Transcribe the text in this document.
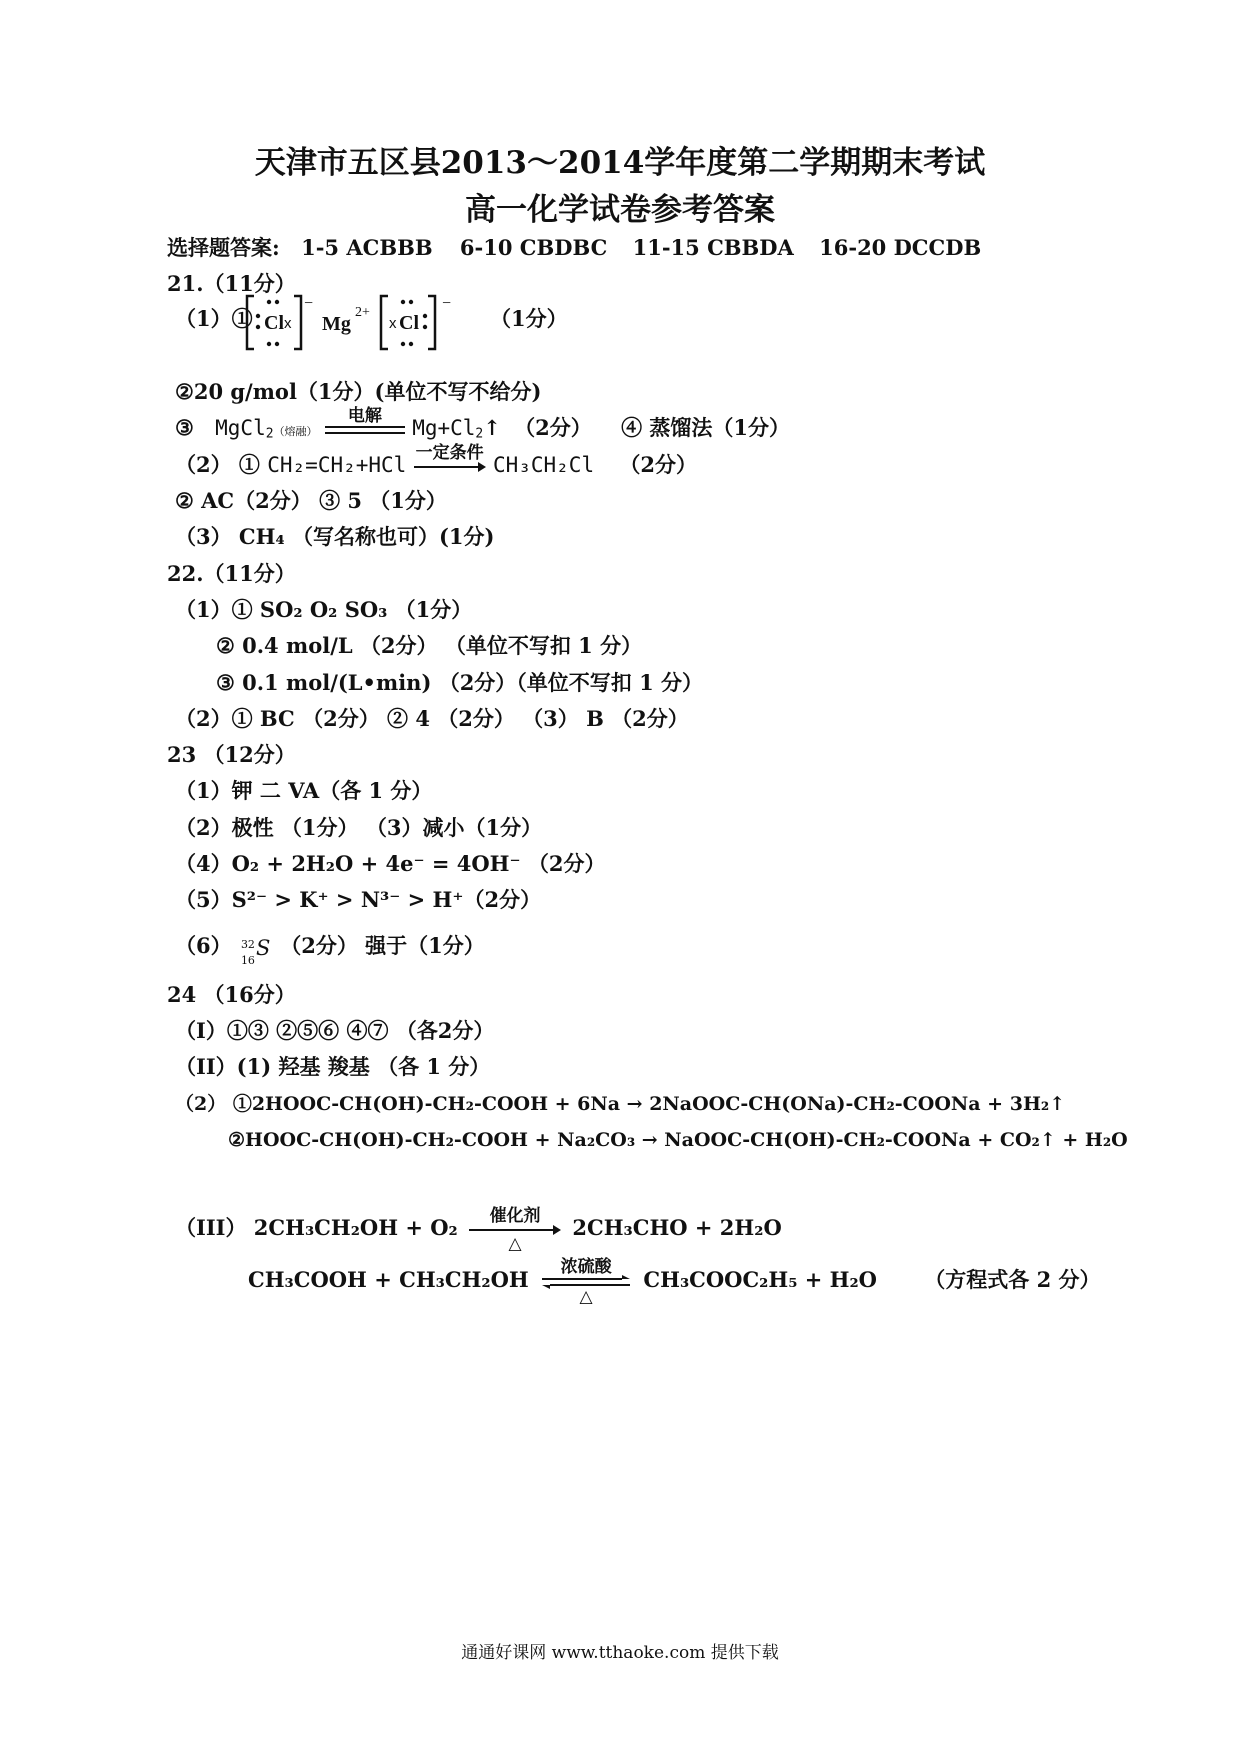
天津市五区县2013～2014学年度第二学期期末考试
高一化学试卷参考答案
选择题答案: 1-5 ACBBB 6-10 CBDBC 11-15 CBBDA 16-20 DCCDB
21.（11分）
（1）① Cl x	x Cl
−
Mg
2+
−
（1分）
②20 g/mol（1分）(单位不写不给分)
③ MgCl$_2$（熔融）
电解
$Mg+Cl_2↑$ （2分） ④ 蒸馏法（1分）
（2） ① CH₂=CH₂+HCl
一定条件
CH₃CH₂Cl （2分）
② AC（2分） ③ 5 （1分）
（3） CH₄ （写名称也可）(1分)
22.（11分）
（1）① SO₂ O₂ SO₃ （1分）
② 0.4 mol/L （2分） （单位不写扣 1 分）
③ 0.1 mol/(L•min) （2分）（单位不写扣 1 分）
（2）① BC （2分） ② 4 （2分） （3） B （2分）
23 （12分）
（1）钾 二 VA（各 1 分）
（2）极性 （1分） （3）减小（1分）
（4）O₂ + 2H₂O + 4e⁻ = 4OH⁻ （2分）
（5）S²⁻ > K⁺ > N³⁻ > H⁺（2分）
（6） 32
16
S （2分） 强于（1分）
24 （16分）
（I）①③ ②⑤⑥ ④⑦ （各2分）
（II）(1) 羟基 羧基 （各 1 分）
（2） ①2HOOC-CH(OH)-CH₂-COOH + 6Na → 2NaOOC-CH(ONa)-CH₂-COONa + 3H₂↑
②HOOC-CH(OH)-CH₂-COOH + Na₂CO₃ → NaOOC-CH(OH)-CH₂-COONa + CO₂↑ + H₂O
（III） 2CH₃CH₂OH + O₂	催化剂
△
2CH₃CHO + 2H₂O
CH₃COOH + CH₃CH₂OH
浓硫酸
△
CH₃COOC₂H₅ + H₂O （方程式各 2 分）
通通好课网 www.tthaoke.com 提供下载
